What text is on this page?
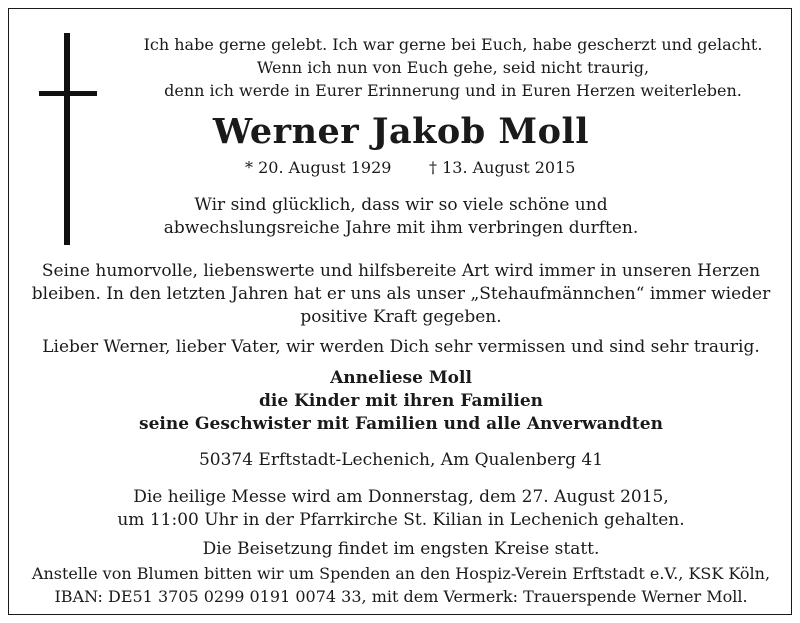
Ich habe gerne gelebt. Ich war gerne bei Euch, habe gescherzt und gelacht.

Wenn ich nun von Euch gehe, seid nicht traurig,

denn ich werde in Eurer Erinnerung und in Euren Herzen weiterleben.

Werner Jakob Moll

* 20. August 1929 † 13. August 2015

Wir sind glücklich, dass wir so viele schöne und

abwechslungsreiche Jahre mit ihm verbringen durften.

Seine humorvolle, liebenswerte und hilfsbereite Art wird immer in unseren Herzen

bleiben. In den letzten Jahren hat er uns als unser „Stehaufmännchen“ immer wieder

positive Kraft gegeben.

Lieber Werner, lieber Vater, wir werden Dich sehr vermissen und sind sehr traurig.

Anneliese Moll

die Kinder mit ihren Familien

seine Geschwister mit Familien und alle Anverwandten

50374 Erftstadt-Lechenich, Am Qualenberg 41

Die heilige Messe wird am Donnerstag, dem 27. August 2015,

um 11:00 Uhr in der Pfarrkirche St. Kilian in Lechenich gehalten.

Die Beisetzung findet im engsten Kreise statt.

Anstelle von Blumen bitten wir um Spenden an den Hospiz-Verein Erftstadt e.V., KSK Köln,

IBAN: DE51 3705 0299 0191 0074 33, mit dem Vermerk: Trauerspende Werner Moll.
